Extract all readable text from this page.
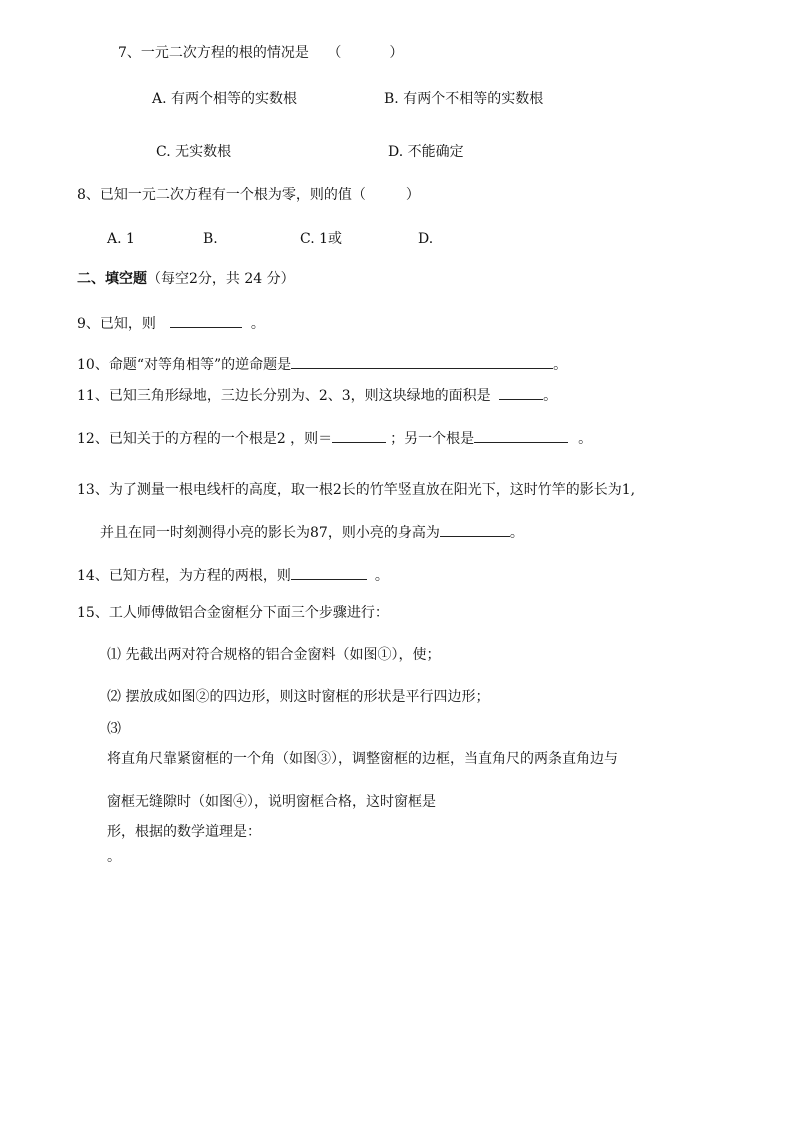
7、一元二次方程的根的情况是 （	）
A. 有两个相等的实数根	B. 有两个不相等的实数根
C. 无实数根	D. 不能确定
8、已知一元二次方程有一个根为零，则的值（	）
A. 1	B.	C. 1或	D.
二、填空题（每空2分，共 24 分）
9、已知，则	。
10、命题“对等角相等”的逆命题是	。
11、已知三角形绿地，三边长分别为、2、3，则这块绿地的面积是	。
12、已知关于的方程的一个根是2 ，则＝	；另一个根是	。
13、为了测量一根电线杆的高度，取一根2长的竹竿竖直放在阳光下，这时竹竿的影长为1,
并且在同一时刻测得小亮的影长为87，则小亮的身高为	。
14、已知方程，为方程的两根，则	。
15、工人师傅做铝合金窗框分下面三个步骤进行：
⑴ 先截出两对符合规格的铝合金窗料（如图①），使；
⑵ 摆放成如图②的四边形，则这时窗框的形状是平行四边形；
⑶
将直角尺靠紧窗框的一个角（如图③），调整窗框的边框，当直角尺的两条直角边与
窗框无缝隙时（如图④），说明窗框合格，这时窗框是
形，根据的数学道理是：
。
